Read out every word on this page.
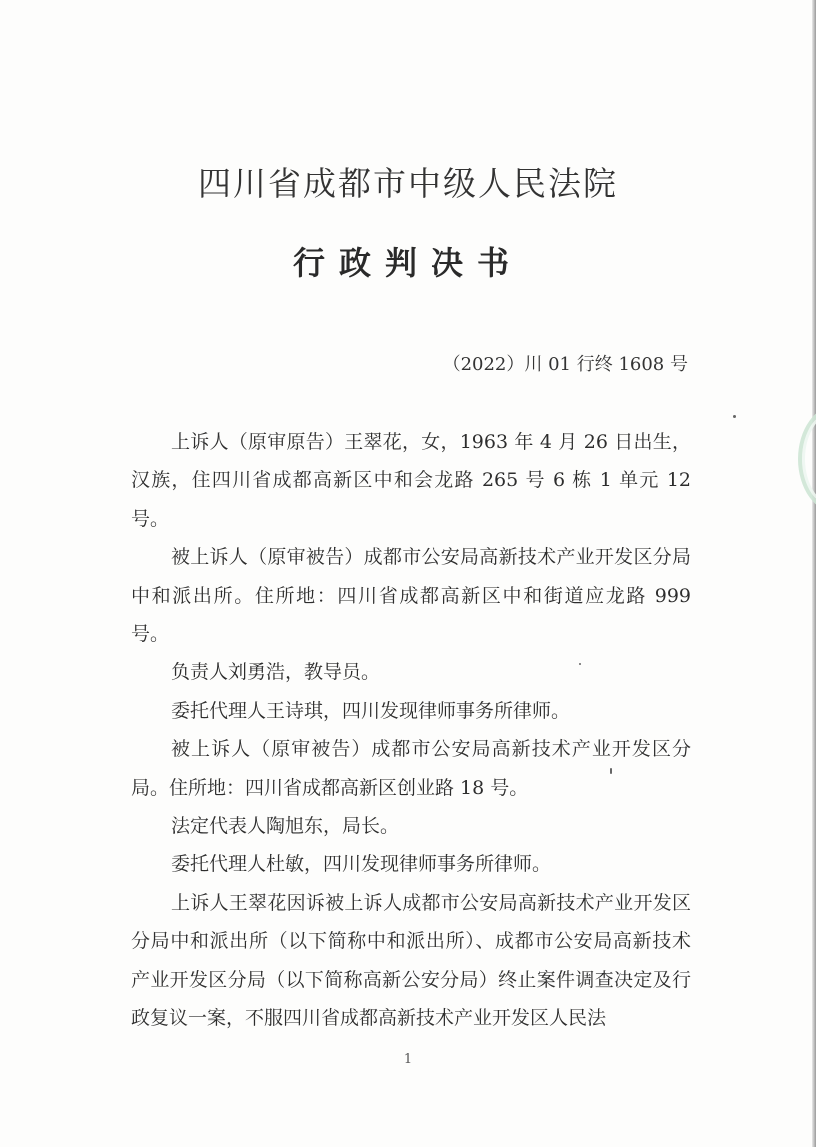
四川省成都市中级人民法院
行政判决书
（2022）川 01 行终 1608 号

上诉人（原审原告）王翠花，女，1963 年 4 月 26 日出生，汉族，住四川省成都高新区中和会龙路 265 号 6 栋 1 单元 12 号。

被上诉人（原审被告）成都市公安局高新技术产业开发区分局中和派出所。住所地：四川省成都高新区中和街道应龙路 999 号。

负责人刘勇浩，教导员。

委托代理人王诗琪，四川发现律师事务所律师。

被上诉人（原审被告）成都市公安局高新技术产业开发区分局。住所地：四川省成都高新区创业路 18 号。

法定代表人陶旭东，局长。

委托代理人杜敏，四川发现律师事务所律师。

上诉人王翠花因诉被上诉人成都市公安局高新技术产业开发区分局中和派出所（以下简称中和派出所）、成都市公安局高新技术产业开发区分局（以下简称高新公安分局）终止案件调查决定及行政复议一案，不服四川省成都高新技术产业开发区人民法

1
